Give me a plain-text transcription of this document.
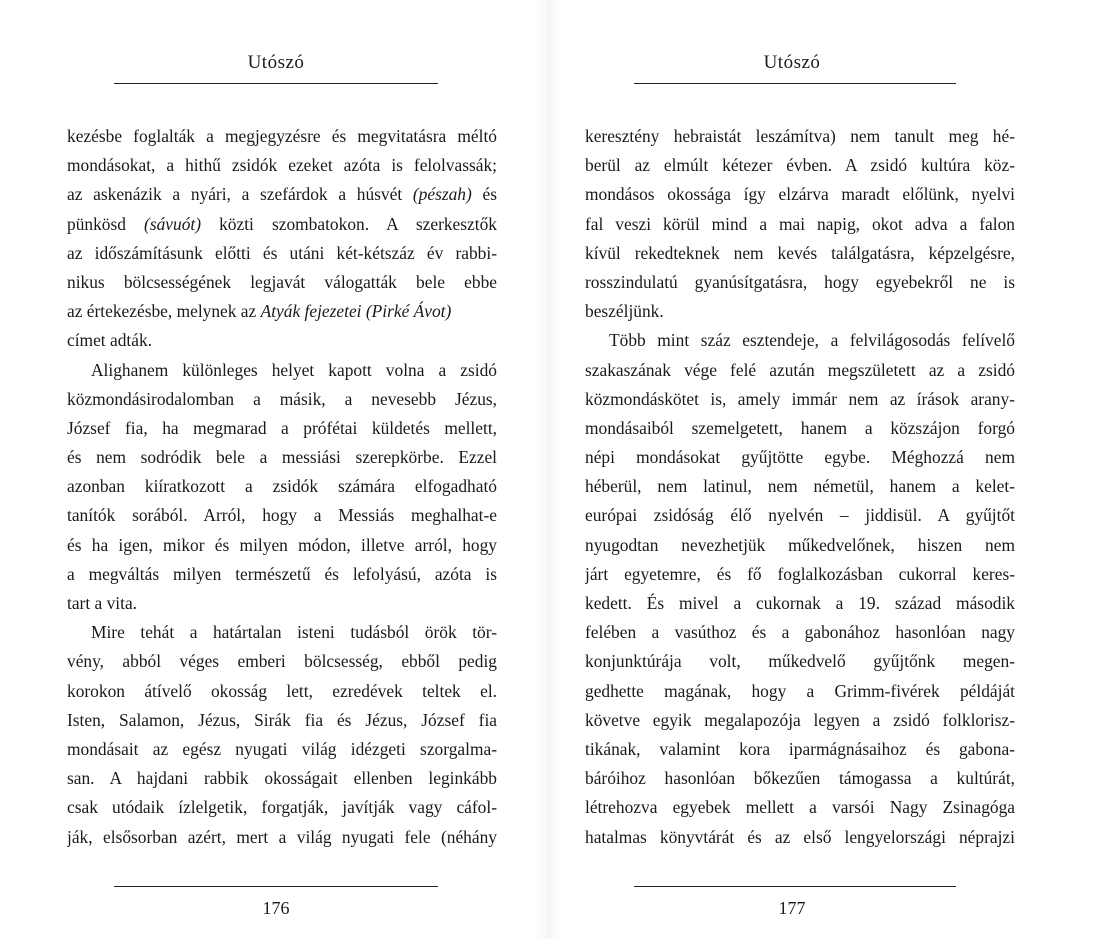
Utószó
kezésbe foglalták a megjegyzésre és megvitatásra méltó
mondásokat, a hithű zsidók ezeket azóta is felolvassák;
az askenázik a nyári, a szefárdok a húsvét (pészah) és
pünkösd (sávuót) közti szombatokon. A szerkesztők
az időszámításunk előtti és utáni két-kétszáz év rabbi-
nikus bölcsességének legjavát válogatták bele ebbe
az értekezésbe, melynek az Atyák fejezetei (Pirké Ávot)
címet adták.
Alighanem különleges helyet kapott volna a zsidó
közmondásirodalomban a másik, a nevesebb Jézus,
József fia, ha megmarad a prófétai küldetés mellett,
és nem sodródik bele a messiási szerepkörbe. Ezzel
azonban kiíratkozott a zsidók számára elfogadható
tanítók sorából. Arról, hogy a Messiás meghalhat-e
és ha igen, mikor és milyen módon, illetve arról, hogy
a megváltás milyen természetű és lefolyású, azóta is
tart a vita.
Mire tehát a határtalan isteni tudásból örök tör-
vény, abból véges emberi bölcsesség, ebből pedig
korokon átívelő okosság lett, ezredévek teltek el.
Isten, Salamon, Jézus, Sirák fia és Jézus, József fia
mondásait az egész nyugati világ idézgeti szorgalma-
san. A hajdani rabbik okosságait ellenben leginkább
csak utódaik ízlelgetik, forgatják, javítják vagy cáfol-
ják, elsősorban azért, mert a világ nyugati fele (néhány
176
Utószó
keresztény hebraistát leszámítva) nem tanult meg hé-
berül az elmúlt kétezer évben. A zsidó kultúra köz-
mondásos okossága így elzárva maradt előlünk, nyelvi
fal veszi körül mind a mai napig, okot adva a falon
kívül rekedteknek nem kevés találgatásra, képzelgésre,
rosszindulatú gyanúsítgatásra, hogy egyebekről ne is
beszéljünk.
Több mint száz esztendeje, a felvilágosodás felívelő
szakaszának vége felé azután megszületett az a zsidó
közmondáskötet is, amely immár nem az írások arany-
mondásaiból szemelgetett, hanem a közszájon forgó
népi mondásokat gyűjtötte egybe. Méghozzá nem
héberül, nem latinul, nem németül, hanem a kelet-
európai zsidóság élő nyelvén – jiddisül. A gyűjtőt
nyugodtan nevezhetjük műkedvelőnek, hiszen nem
járt egyetemre, és fő foglalkozásban cukorral keres-
kedett. És mivel a cukornak a 19. század második
felében a vasúthoz és a gabonához hasonlóan nagy
konjunktúrája volt, műkedvelő gyűjtőnk megen-
gedhette magának, hogy a Grimm-fivérek példáját
követve egyik megalapozója legyen a zsidó folklorisz-
tikának, valamint kora iparmágnásaihoz és gabona-
báróihoz hasonlóan bőkezűen támogassa a kultúrát,
létrehozva egyebek mellett a varsói Nagy Zsinagóga
hatalmas könyvtárát és az első lengyelországi néprajzi
177
